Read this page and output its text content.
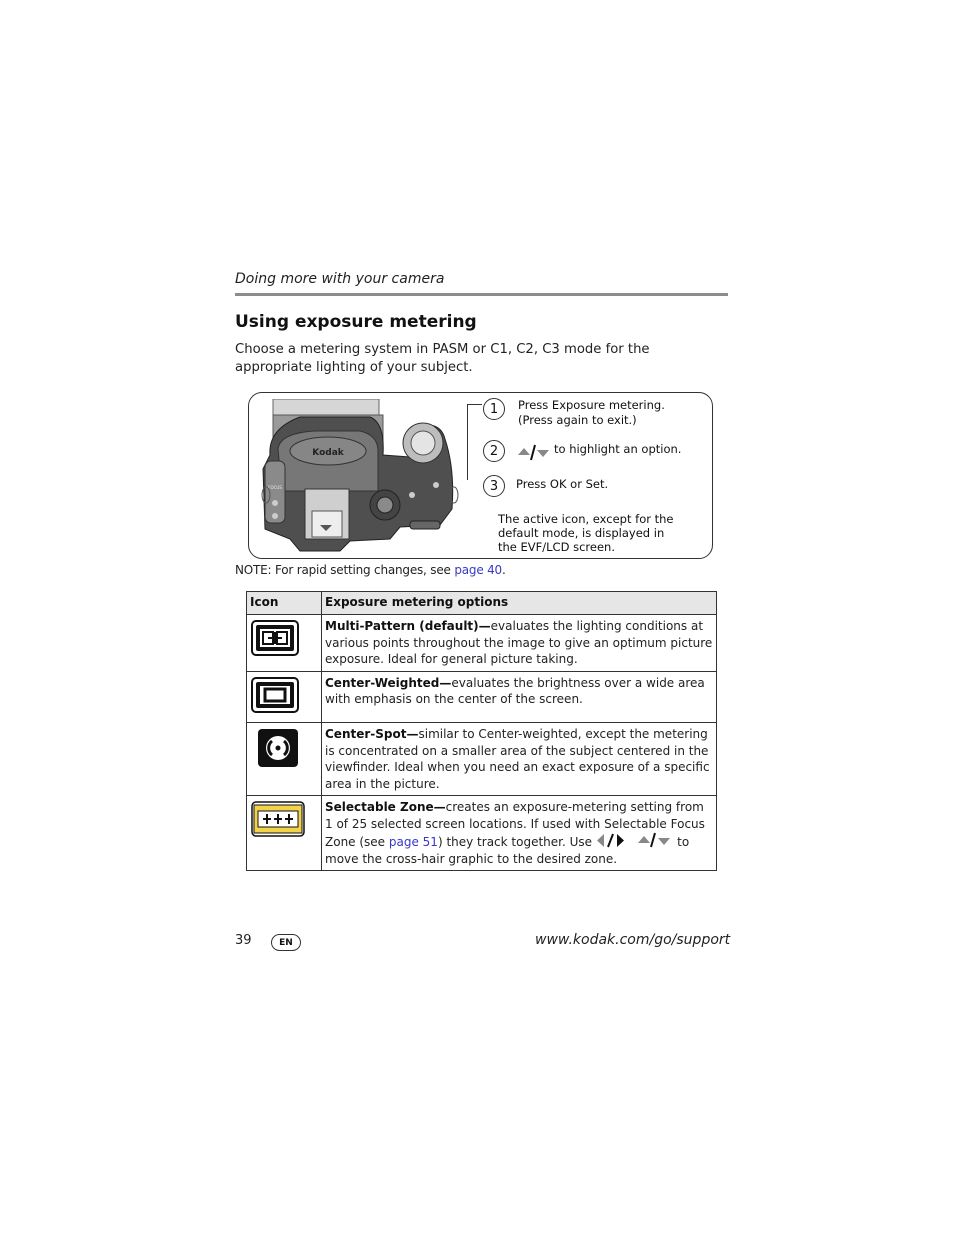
Doing more with your camera
Using exposure metering
Choose a metering system in PASM or C1, C2, C3 mode for the appropriate lighting of your subject.
Kodak
FOCUS
1	Press Exposure metering.
(Press again to exit.)
2	to highlight an option.
3	Press OK or Set.
The active icon, except for the default mode, is displayed in the EVF/LCD screen.
NOTE: For rapid setting changes, see page 40.
Icon	Exposure metering options
	Multi-Pattern (default)—evaluates the lighting conditions at various points throughout the image to give an optimum picture exposure. Ideal for general picture taking.
	Center-Weighted—evaluates the brightness over a wide area with emphasis on the center of the screen.
	Center-Spot—similar to Center-weighted, except the metering is concentrated on a smaller area of the subject centered in the viewfinder. Ideal when you need an exact exposure of a specific area in the picture.
	Selectable Zone—creates an exposure-metering setting from 1 of 25 selected screen locations. If used with Selectable Focus Zone (see page 51) they track together. Use to move the cross-hair graphic to the desired zone.
39	EN	www.kodak.com/go/support
